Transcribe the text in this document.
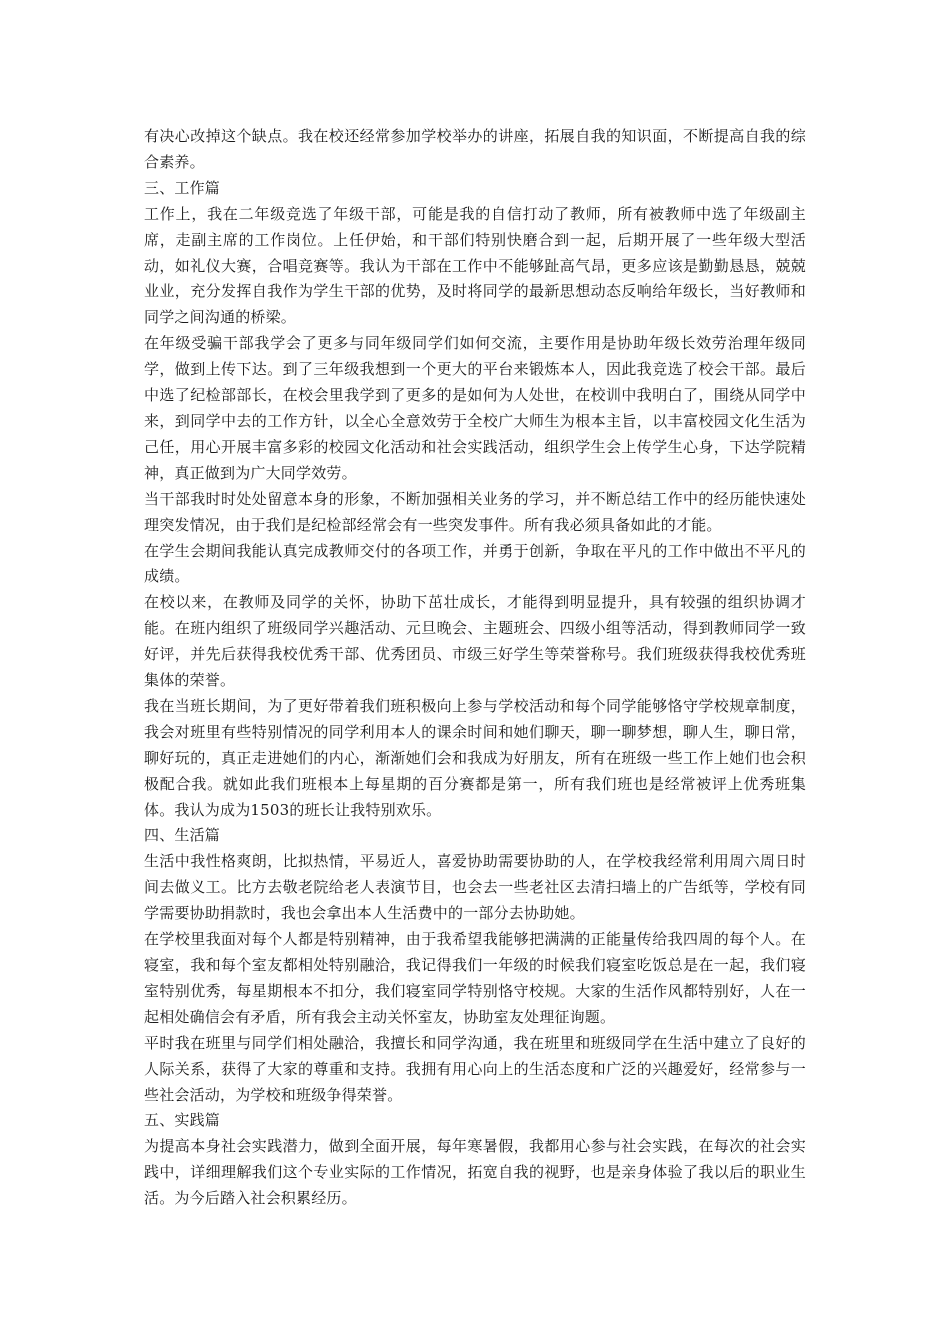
有决心改掉这个缺点。我在校还经常参加学校举办的讲座，拓展自我的知识面，不断提高自我的综合素养。

三、工作篇

工作上，我在二年级竞选了年级干部，可能是我的自信打动了教师，所有被教师中选了年级副主席，走副主席的工作岗位。上任伊始，和干部们特别快磨合到一起，后期开展了一些年级大型活动，如礼仪大赛，合唱竞赛等。我认为干部在工作中不能够趾高气昂，更多应该是勤勤恳恳，兢兢业业，充分发挥自我作为学生干部的优势，及时将同学的最新思想动态反响给年级长，当好教师和同学之间沟通的桥梁。

在年级受骗干部我学会了更多与同年级同学们如何交流，主要作用是协助年级长效劳治理年级同学，做到上传下达。到了三年级我想到一个更大的平台来锻炼本人，因此我竞选了校会干部。最后中选了纪检部部长，在校会里我学到了更多的是如何为人处世，在校训中我明白了，围绕从同学中来，到同学中去的工作方针，以全心全意效劳于全校广大师生为根本主旨，以丰富校园文化生活为己任，用心开展丰富多彩的校园文化活动和社会实践活动，组织学生会上传学生心身，下达学院精神，真正做到为广大同学效劳。

当干部我时时处处留意本身的形象，不断加强相关业务的学习，并不断总结工作中的经历能快速处理突发情况，由于我们是纪检部经常会有一些突发事件。所有我必须具备如此的才能。

在学生会期间我能认真完成教师交付的各项工作，并勇于创新，争取在平凡的工作中做出不平凡的成绩。

在校以来，在教师及同学的关怀，协助下茁壮成长，才能得到明显提升，具有较强的组织协调才能。在班内组织了班级同学兴趣活动、元旦晚会、主题班会、四级小组等活动，得到教师同学一致好评，并先后获得我校优秀干部、优秀团员、市级三好学生等荣誉称号。我们班级获得我校优秀班集体的荣誉。

我在当班长期间，为了更好带着我们班积极向上参与学校活动和每个同学能够恪守学校规章制度，我会对班里有些特别情况的同学利用本人的课余时间和她们聊天，聊一聊梦想，聊人生，聊日常，聊好玩的，真正走进她们的内心，渐渐她们会和我成为好朋友，所有在班级一些工作上她们也会积极配合我。就如此我们班根本上每星期的百分赛都是第一，所有我们班也是经常被评上优秀班集体。我认为成为1503的班长让我特别欢乐。

四、生活篇

生活中我性格爽朗，比拟热情，平易近人，喜爱协助需要协助的人，在学校我经常利用周六周日时间去做义工。比方去敬老院给老人表演节目，也会去一些老社区去清扫墙上的广告纸等，学校有同学需要协助捐款时，我也会拿出本人生活费中的一部分去协助她。

在学校里我面对每个人都是特别精神，由于我希望我能够把满满的正能量传给我四周的每个人。在寝室，我和每个室友都相处特别融洽，我记得我们一年级的时候我们寝室吃饭总是在一起，我们寝室特别优秀，每星期根本不扣分，我们寝室同学特别恪守校规。大家的生活作风都特别好，人在一起相处确信会有矛盾，所有我会主动关怀室友，协助室友处理征询题。

平时我在班里与同学们相处融洽，我擅长和同学沟通，我在班里和班级同学在生活中建立了良好的人际关系，获得了大家的尊重和支持。我拥有用心向上的生活态度和广泛的兴趣爱好，经常参与一些社会活动，为学校和班级争得荣誉。

五、实践篇

为提高本身社会实践潜力，做到全面开展，每年寒暑假，我都用心参与社会实践，在每次的社会实践中，详细理解我们这个专业实际的工作情况，拓宽自我的视野，也是亲身体验了我以后的职业生活。为今后踏入社会积累经历。
